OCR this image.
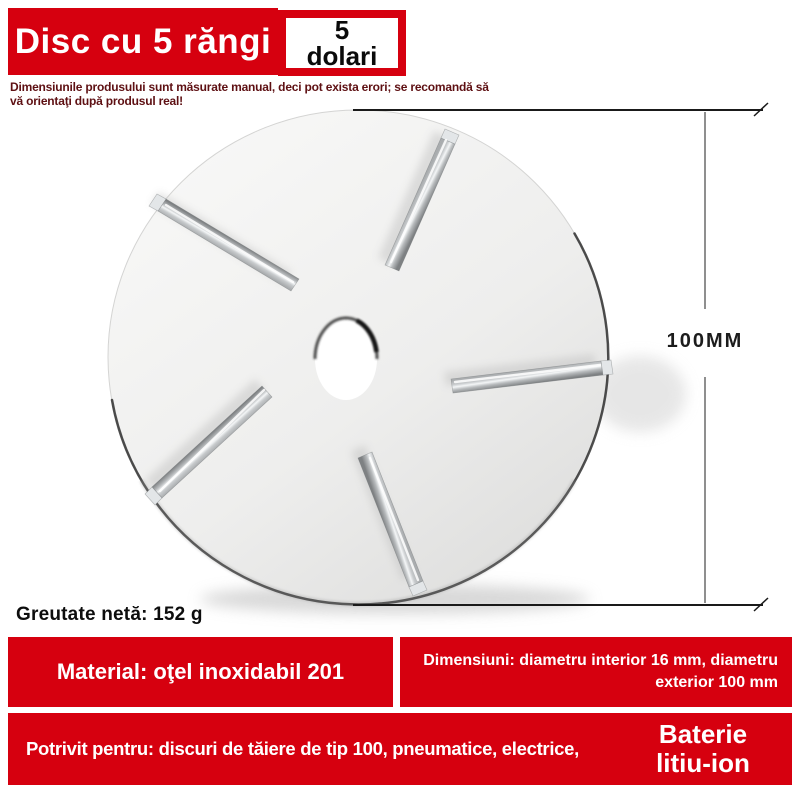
Disc cu 5 răngi 5
dolari
Dimensiunile produsului sunt măsurate manual, deci pot exista erori; se recomandă să
vă orientaţi după produsul real!
100MM
Greutate netă: 152 g
Material: oţel inoxidabil 201	Dimensiuni: diametru interior 16 mm, diametru exterior 100 mm
Potrivit pentru: discuri de tăiere de tip 100, pneumatice, electrice,	Baterie litiu-ion
